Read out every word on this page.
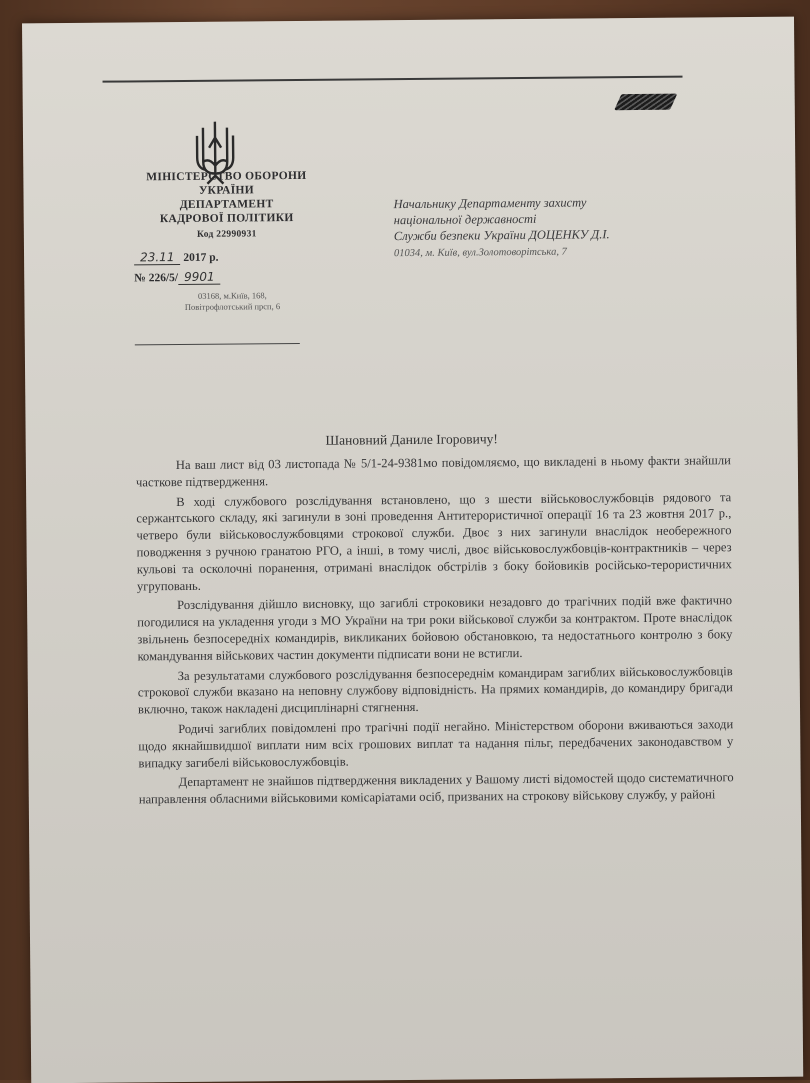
МІНІСТЕРСТВО ОБОРОНИ
УКРАЇНИ
ДЕПАРТАМЕНТ
КАДРОВОЇ ПОЛІТИКИ
Код 22990931
23.11 2017 р.
№ 226/5/ 9901
03168, м.Київ, 168,
Повітрофлотський прсп, 6
Начальнику Департаменту захисту
національної державності
Служби безпеки України ДОЦЕНКУ Д.І.
01034, м. Київ, вул.Золотоворітська, 7
Шановний Даниле Ігоровичу!

На ваш лист від 03 листопада № 5/1-24-9381мо повідомляємо, що викладені в ньому факти знайшли часткове підтвердження.

В ході службового розслідування встановлено, що з шести військовослужбовців рядового та сержантського складу, які загинули в зоні проведення Антитерористичної операції 16 та 23 жовтня 2017 р., четверо були військовослужбовцями строкової служби. Двоє з них загинули внаслідок необережного поводження з ручною гранатою РГО, а інші, в тому числі, двоє військовослужбовців-контрактників – через кульові та осколочні поранення, отримані внаслідок обстрілів з боку бойовиків російсько-терористичних угруповань.

Розслідування дійшло висновку, що загиблі строковики незадовго до трагічних подій вже фактично погодилися на укладення угоди з МО України на три роки військової служби за контрактом. Проте внаслідок звільнень безпосередніх командирів, викликаних бойовою обстановкою, та недостатнього контролю з боку командування військових частин документи підписати вони не встигли.

За результатами службового розслідування безпосереднім командирам загиблих військовослужбовців строкової служби вказано на неповну службову відповідність. На прямих командирів, до командиру бригади включно, також накладені дисциплінарні стягнення.

Родичі загиблих повідомлені про трагічні події негайно. Міністерством оборони вживаються заходи щодо якнайшвидшої виплати ним всіх грошових виплат та надання пільг, передбачених законодавством у випадку загибелі військовослужбовців.

Департамент не знайшов підтвердження викладених у Вашому листі відомостей щодо систематичного направлення обласними військовими комісаріатами осіб, призваних на строкову військову службу, у районі
